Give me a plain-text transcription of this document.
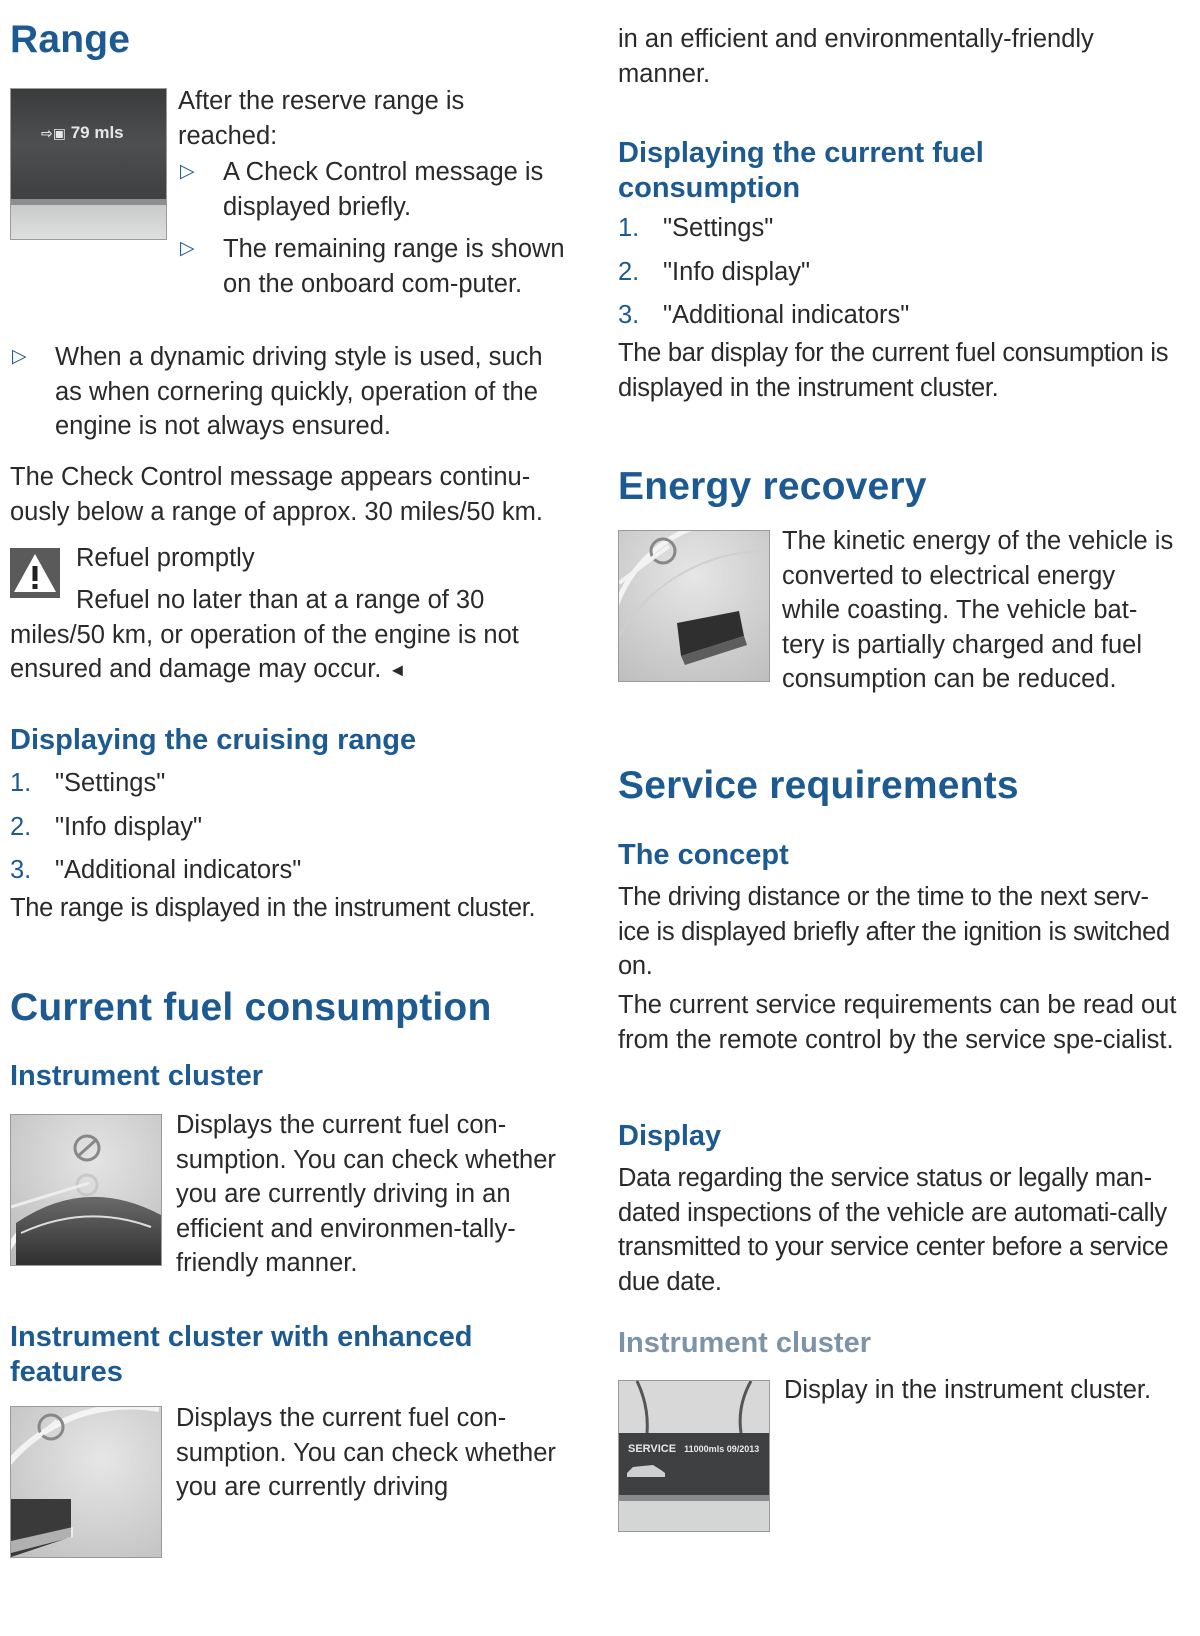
Range
⇨▣ 79 mls

After the reserve range is reached:

▷ A Check Control message is displayed briefly.
▷ The remaining range is shown on the onboard com-puter.
▷ When a dynamic driving style is used, such as when cornering quickly, operation of the engine is not always ensured.

The Check Control message appears continu-ously below a range of approx. 30 miles/50 km.

Refuel promptly

Refuel no later than at a range of 30 miles/50 km, or operation of the engine is not ensured and damage may occur. ◄

Displaying the cruising range
1. "Settings"
2. "Info display"
3. "Additional indicators"

The range is displayed in the instrument cluster.

Current fuel consumption
Instrument cluster

Displays the current fuel con-sumption. You can check whether you are currently driving in an efficient and environmen-tally-friendly manner.

Instrument cluster with enhanced features

Displays the current fuel con-sumption. You can check whether you are currently driving

in an efficient and environmentally-friendly manner.

Displaying the current fuel consumption
1. "Settings"
2. "Info display"
3. "Additional indicators"

The bar display for the current fuel consumption is displayed in the instrument cluster.

Energy recovery

The kinetic energy of the vehicle is converted to electrical energy while coasting. The vehicle bat-tery is partially charged and fuel consumption can be reduced.

Service requirements
The concept

The driving distance or the time to the next serv-ice is displayed briefly after the ignition is switched on.

The current service requirements can be read out from the remote control by the service spe-cialist.

Display

Data regarding the service status or legally man-dated inspections of the vehicle are automati-cally transmitted to your service center before a service due date.

Instrument cluster
SERVICE 11000mls 09/2013

Display in the instrument cluster.
